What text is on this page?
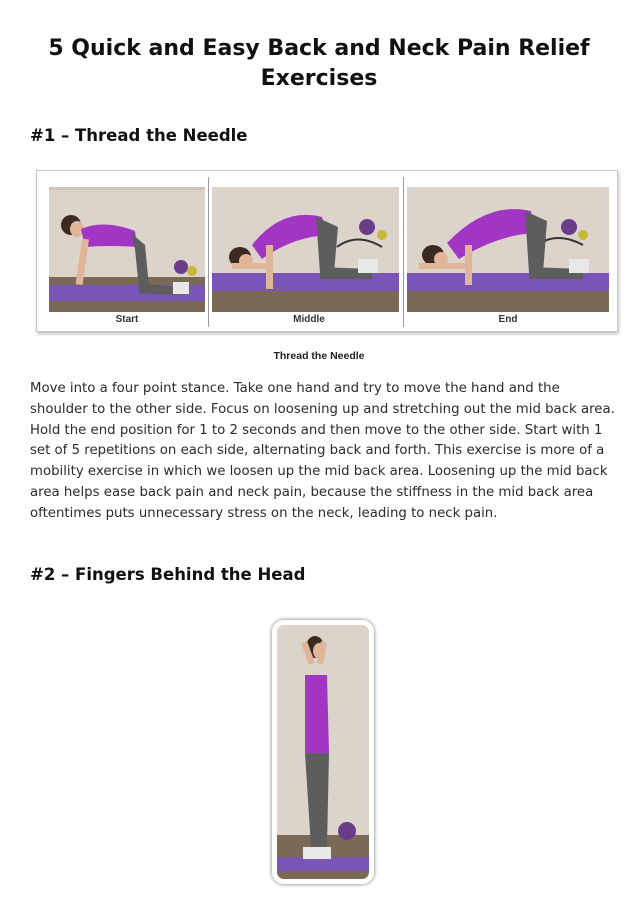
5 Quick and Easy Back and Neck Pain Relief Exercises
#1 – Thread the Needle
Start	Middle	End
Thread the Needle

Move into a four point stance. Take one hand and try to move the hand and the shoulder to the other side. Focus on loosening up and stretching out the mid back area. Hold the end position for 1 to 2 seconds and then move to the other side. Start with 1 set of 5 repetitions on each side, alternating back and forth. This exercise is more of a mobility exercise in which we loosen up the mid back area. Loosening up the mid back area helps ease back pain and neck pain, because the stiffness in the mid back area oftentimes puts unnecessary stress on the neck, leading to neck pain.

#2 – Fingers Behind the Head
